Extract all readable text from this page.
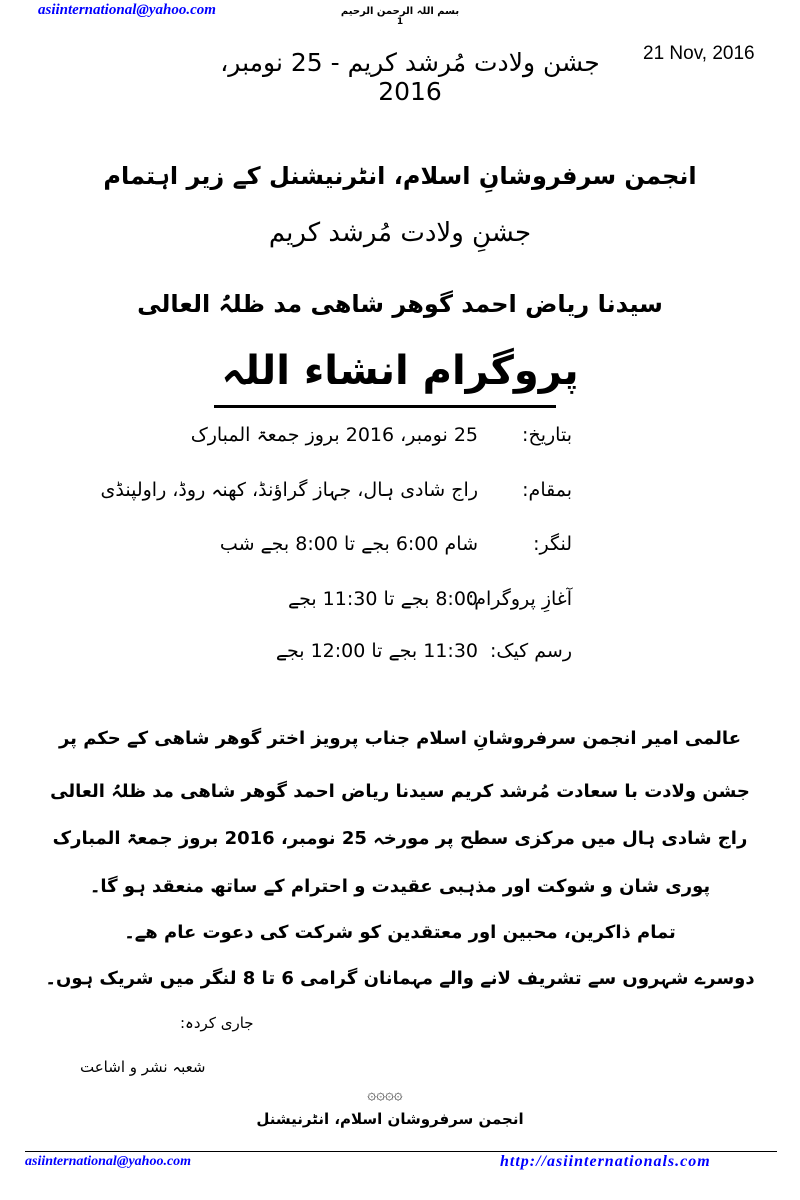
asiinternational@yahoo.com	بسم اللہ الرحمن الرحیم
1
21 Nov, 2016
جشن ولادت مُرشد کریم - 25 نومبر، 2016
انجمن سرفروشانِ اسلام، انٹرنیشنل کے زیر اہتمام
جشنِ ولادت مُرشد کریم
سیدنا ریاض احمد گوھر شاھی مد ظلہُ العالی
پروگرام انشاء اللہ
بتاریخ:
25 نومبر، 2016 بروز جمعۃ المبارک
بمقام:
راج شادی ہال، جہاز گراؤنڈ، کھنہ روڈ، راولپنڈی
لنگر:
شام 6:00 بجے تا 8:00 بجے شب
آغازِ پروگرام:
8:00 بجے تا 11:30 بجے
رسم کیک:
11:30 بجے تا 12:00 بجے
عالمی امیر انجمن سرفروشانِ اسلام جناب پرویز اختر گوھر شاھی کے حکم پر
جشن ولادت با سعادت مُرشد کریم سیدنا ریاض احمد گوھر شاھی مد ظلہُ العالی
راج شادی ہال میں مرکزی سطح پر مورخہ 25 نومبر، 2016 بروز جمعۃ المبارک
پوری شان و شوکت اور مذہبی عقیدت و احترام کے ساتھ منعقد ہو گا۔
تمام ذاکرین، محبین اور معتقدین کو شرکت کی دعوت عام ھے۔
دوسرے شہروں سے تشریف لانے والے مہمانان گرامی 6 تا 8 لنگر میں شریک ہوں۔
جاری کردہ:
شعبہ نشر و اشاعت
۞۞۞۞
انجمن سرفروشان اسلام، انٹرنیشنل
asiinternational@yahoo.com	http://asiinternationals.com
